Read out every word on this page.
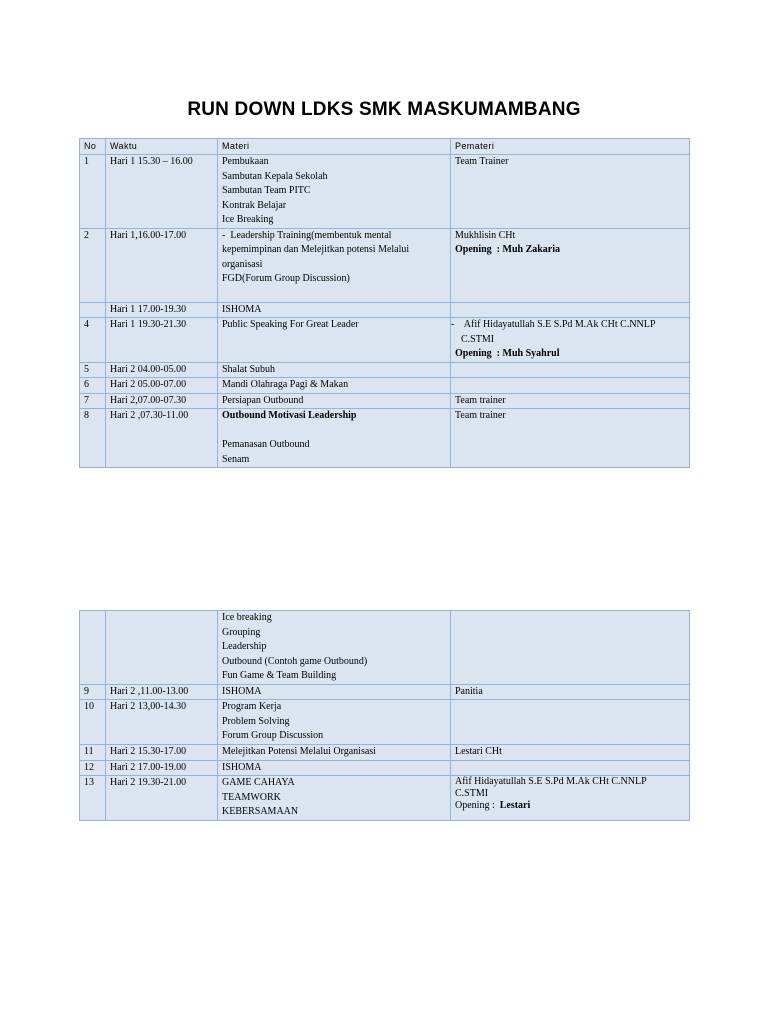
RUN DOWN LDKS SMK MASKUMAMBANG
No	Waktu	Materi	Pemateri
1	Hari 1 15.30 – 16.00	Pembukaan
Sambutan Kepala Sekolah
Sambutan Team PITC
Kontrak Belajar
Ice Breaking	Team Trainer
2	Hari 1,16.00-17.00	-  Leadership Training(membentuk mental
kepemimpinan dan Melejitkan potensi Melalui
organisasi
FGD(Forum Group Discussion)	Mukhlisin CHt
Opening  : Muh Zakaria

	Hari 1 17.00-19.30	ISHOMA	
4	Hari 1 19.30-21.30	Public Speaking For Great Leader	-    Afif Hidayatullah S.E S.Pd M.Ak CHt C.NNLP
C.STMI
Opening  : Muh Syahrul

5	Hari 2 04.00-05.00	Shalat Subuh	
6	Hari 2 05.00-07.00	Mandi Olahraga Pagi & Makan	
7	Hari 2,07.00-07.30	Persiapan Outbound	Team trainer
8	Hari 2 ,07.30-11.00	Outbound Motivasi Leadership
Pemanasan Outbound
Senam	Team trainer

		Ice breaking
Grouping
Leadership
Outbound (Contoh game Outbound)
Fun Game & Team Building	

9	Hari 2 ,11.00-13.00	ISHOMA	Panitia
10	Hari 2 13,00-14.30	Program Kerja
Problem Solving
Forum Group Discussion	

11	Hari 2 15.30-17.00	Melejitkan Potensi Melalui Organisasi	Lestari CHt
12	Hari 2 17.00-19.00	ISHOMA	
13	Hari 2 19.30-21.00	GAME CAHAYA
TEAMWORK
KEBERSAMAAN	Afif Hidayatullah S.E S.Pd M.Ak CHt C.NNLP
C.STMI
Opening :  Lestari
